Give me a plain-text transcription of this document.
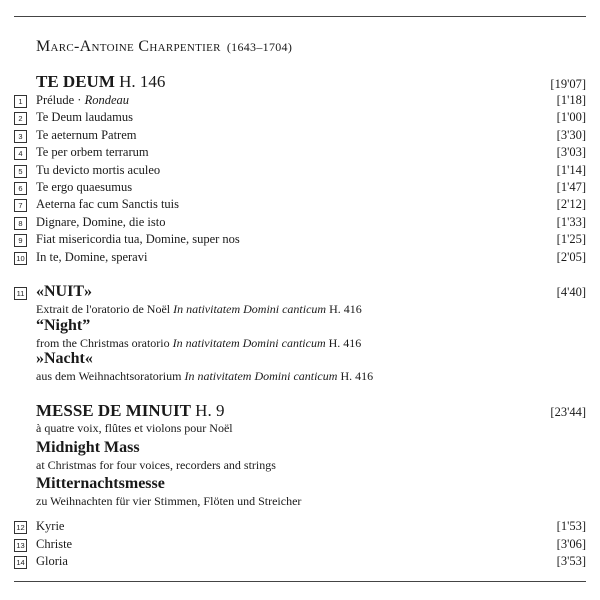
Marc-Antoine Charpentier (1643–1704)
TE DEUM H. 146	[19'07]
1	Prélude · Rondeau	[1'18]
2	Te Deum laudamus	[1'00]
3	Te aeternum Patrem	[3'30]
4	Te per orbem terrarum	[3'03]
5	Tu devicto mortis aculeo	[1'14]
6	Te ergo quaesumus	[1'47]
7	Aeterna fac cum Sanctis tuis	[2'12]
8	Dignare, Domine, die isto	[1'33]
9	Fiat misericordia tua, Domine, super nos	[1'25]
10 In te, Domine, speravi	[2'05]
11 «NUIT»	[4'40]
Extrait de l'oratorio de Noël In nativitatem Domini canticum H. 416
“Night”
from the Christmas oratorio In nativitatem Domini canticum H. 416
»Nacht«
aus dem Weihnachtsoratorium In nativitatem Domini canticum H. 416
MESSE DE MINUIT H. 9	[23'44]
à quatre voix, flûtes et violons pour Noël
Midnight Mass
at Christmas for four voices, recorders and strings
Mitternachtsmesse
zu Weihnachten für vier Stimmen, Flöten und Streicher
12 Kyrie	[1'53]
13 Christe	[3'06]
14 Gloria	[3'53]
